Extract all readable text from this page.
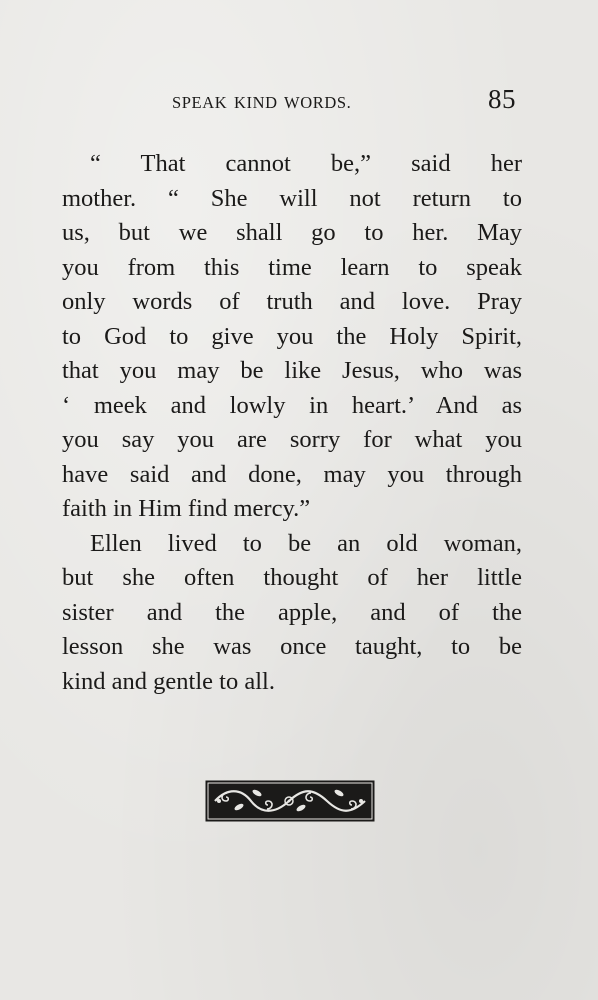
SPEAK KIND WORDS.	85

“ That cannot be,” said her
mother. “ She will not return to
us, but we shall go to her. May
you from this time learn to speak
only words of truth and love. Pray
to God to give you the Holy Spirit,
that you may be like Jesus, who was
‘ meek and lowly in heart.’ And as
you say you are sorry for what you
have said and done, may you through
faith in Him find mercy.”

Ellen lived to be an old woman,
but she often thought of her little
sister and the apple, and of the
lesson she was once taught, to be
kind and gentle to all.
